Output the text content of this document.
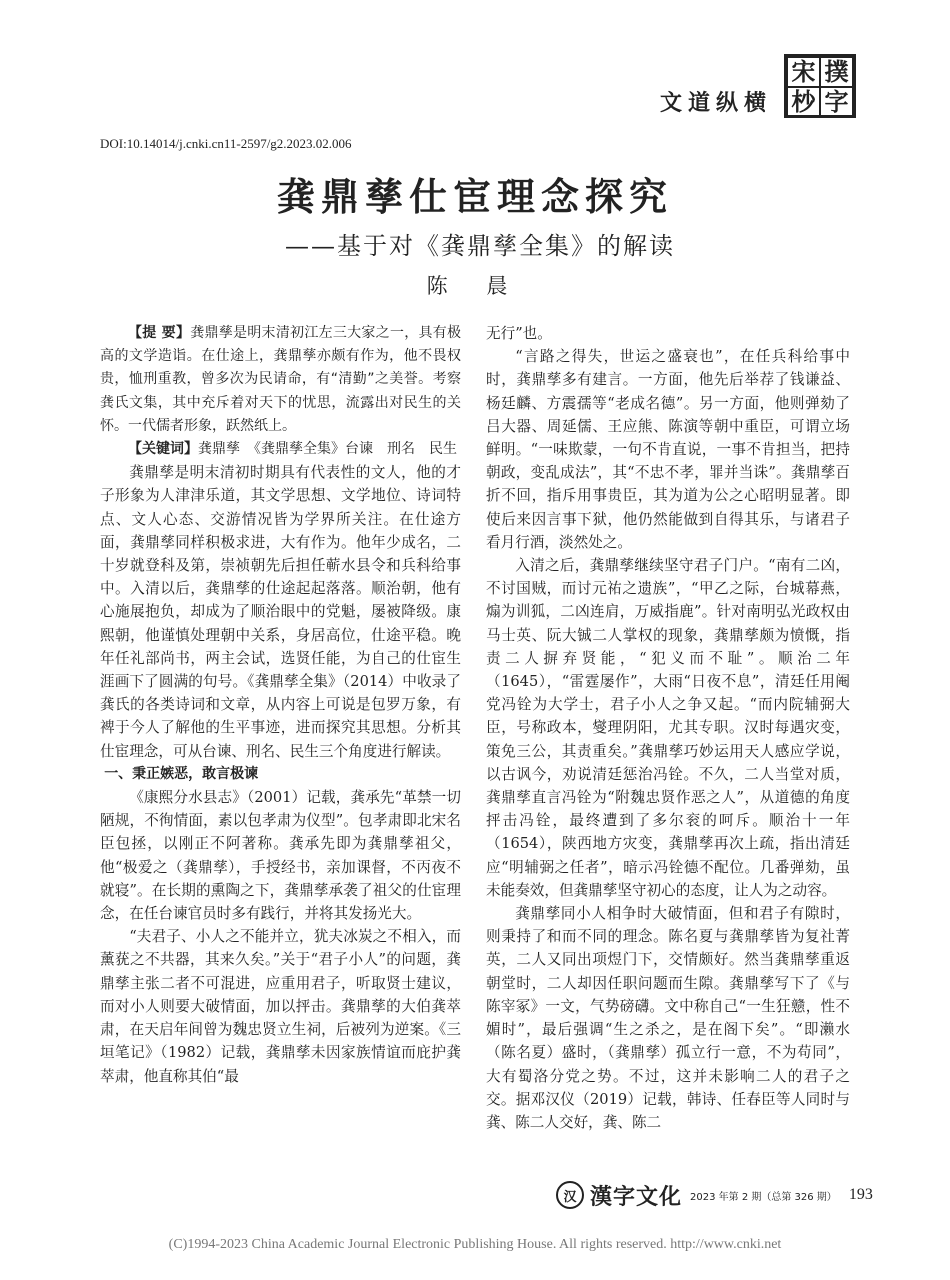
文道纵横
宋 撲
杪 字
DOI:10.14014/j.cnki.cn11-2597/g2.2023.02.006
龚鼎孳仕宦理念探究
——基于对《龚鼎孳全集》的解读
陈 晨

【提 要】龚鼎孳是明末清初江左三大家之一，具有极高的文学造诣。在仕途上，龚鼎孳亦颇有作为，他不畏权贵，恤刑重教，曾多次为民请命，有“清勤”之美誉。考察龚氏文集，其中充斥着对天下的忧思，流露出对民生的关怀。一代儒者形象，跃然纸上。

【关键词】龚鼎孳　《龚鼎孳全集》台谏　刑名　民生

龚鼎孳是明末清初时期具有代表性的文人，他的才子形象为人津津乐道，其文学思想、文学地位、诗词特点、文人心态、交游情况皆为学界所关注。在仕途方面，龚鼎孳同样积极求进，大有作为。他年少成名，二十岁就登科及第，崇祯朝先后担任蕲水县令和兵科给事中。入清以后，龚鼎孳的仕途起起落落。顺治朝，他有心施展抱负，却成为了顺治眼中的党魁，屡被降级。康熙朝，他谨慎处理朝中关系，身居高位，仕途平稳。晚年任礼部尚书，两主会试，选贤任能，为自己的仕宦生涯画下了圆满的句号。《龚鼎孳全集》（2014）中收录了龚氏的各类诗词和文章，从内容上可说是包罗万象，有裨于今人了解他的生平事迹，进而探究其思想。分析其仕宦理念，可从台谏、刑名、民生三个角度进行解读。

一、秉正嫉恶，敢言极谏

《康熙分水县志》（2001）记载，龚承先“革禁一切陋规，不徇情面，素以包孝肃为仪型”。包孝肃即北宋名臣包拯，以刚正不阿著称。龚承先即为龚鼎孳祖父，他“极爱之（龚鼎孳），手授经书，亲加课督，不丙夜不就寝”。在长期的熏陶之下，龚鼎孳承袭了祖父的仕宦理念，在任台谏官员时多有践行，并将其发扬光大。

“夫君子、小人之不能并立，犹夫冰炭之不相入，而薰莸之不共器，其来久矣。”关于“君子小人”的问题，龚鼎孳主张二者不可混进，应重用君子，听取贤士建议，而对小人则要大破情面，加以抨击。龚鼎孳的大伯龚萃肃，在天启年间曾为魏忠贤立生祠，后被列为逆案。《三垣笔记》（1982）记载，龚鼎孳未因家族情谊而庇护龚萃肃，他直称其伯“最

无行”也。

“言路之得失，世运之盛衰也”，在任兵科给事中时，龚鼎孳多有建言。一方面，他先后举荐了钱谦益、杨廷麟、方震孺等“老成名德”。另一方面，他则弹劾了吕大器、周延儒、王应熊、陈演等朝中重臣，可谓立场鲜明。“一味欺蒙，一句不肯直说，一事不肯担当，把持朝政，变乱成法”，其“不忠不孝，罪并当诛”。龚鼎孳百折不回，指斥用事贵臣，其为道为公之心昭明显著。即使后来因言事下狱，他仍然能做到自得其乐，与诸君子看月行酒，淡然处之。

入清之后，龚鼎孳继续坚守君子门户。“南有二凶，不讨国贼，而讨元祐之遗族”，“甲乙之际，台城幕燕，煽为训狐，二凶连肩，万威指鹿”。针对南明弘光政权由马士英、阮大铖二人掌权的现象，龚鼎孳颇为愤慨，指责二人摒弃贤能，“犯义而不耻”。顺治二年（1645），“雷霆屡作”，大雨“日夜不息”，清廷任用阉党冯铨为大学士，君子小人之争又起。“而内院辅弼大臣，号称政本，燮理阴阳，尤其专职。汉时每遇灾变，策免三公，其责重矣。”龚鼎孳巧妙运用天人感应学说，以古讽今，劝说清廷惩治冯铨。不久，二人当堂对质，龚鼎孳直言冯铨为“附魏忠贤作恶之人”，从道德的角度抨击冯铨，最终遭到了多尔衮的呵斥。顺治十一年（1654），陕西地方灾变，龚鼎孳再次上疏，指出清廷应“明辅弼之任者”，暗示冯铨德不配位。几番弹劾，虽未能奏效，但龚鼎孳坚守初心的态度，让人为之动容。

龚鼎孳同小人相争时大破情面，但和君子有隙时，则秉持了和而不同的理念。陈名夏与龚鼎孳皆为复社菁英，二人又同出项煜门下，交情颇好。然当龚鼎孳重返朝堂时，二人却因任职问题而生隙。龚鼎孳写下了《与陈宰冢》一文，气势磅礴。文中称自己“一生狂戆，性不媚时”，最后强调“生之杀之，是在阁下矣”。“即濑水（陈名夏）盛时，（龚鼎孳）孤立行一意，不为苟同”，大有蜀洛分党之势。不过，这并未影响二人的君子之交。据邓汉仪（2019）记载，韩诗、任春臣等人同时与龚、陈二人交好，龚、陈二

汉 漢字文化 2023 年第 2 期（总第 326 期） 193
(C)1994-2023 China Academic Journal Electronic Publishing House. All rights reserved. http://www.cnki.net
